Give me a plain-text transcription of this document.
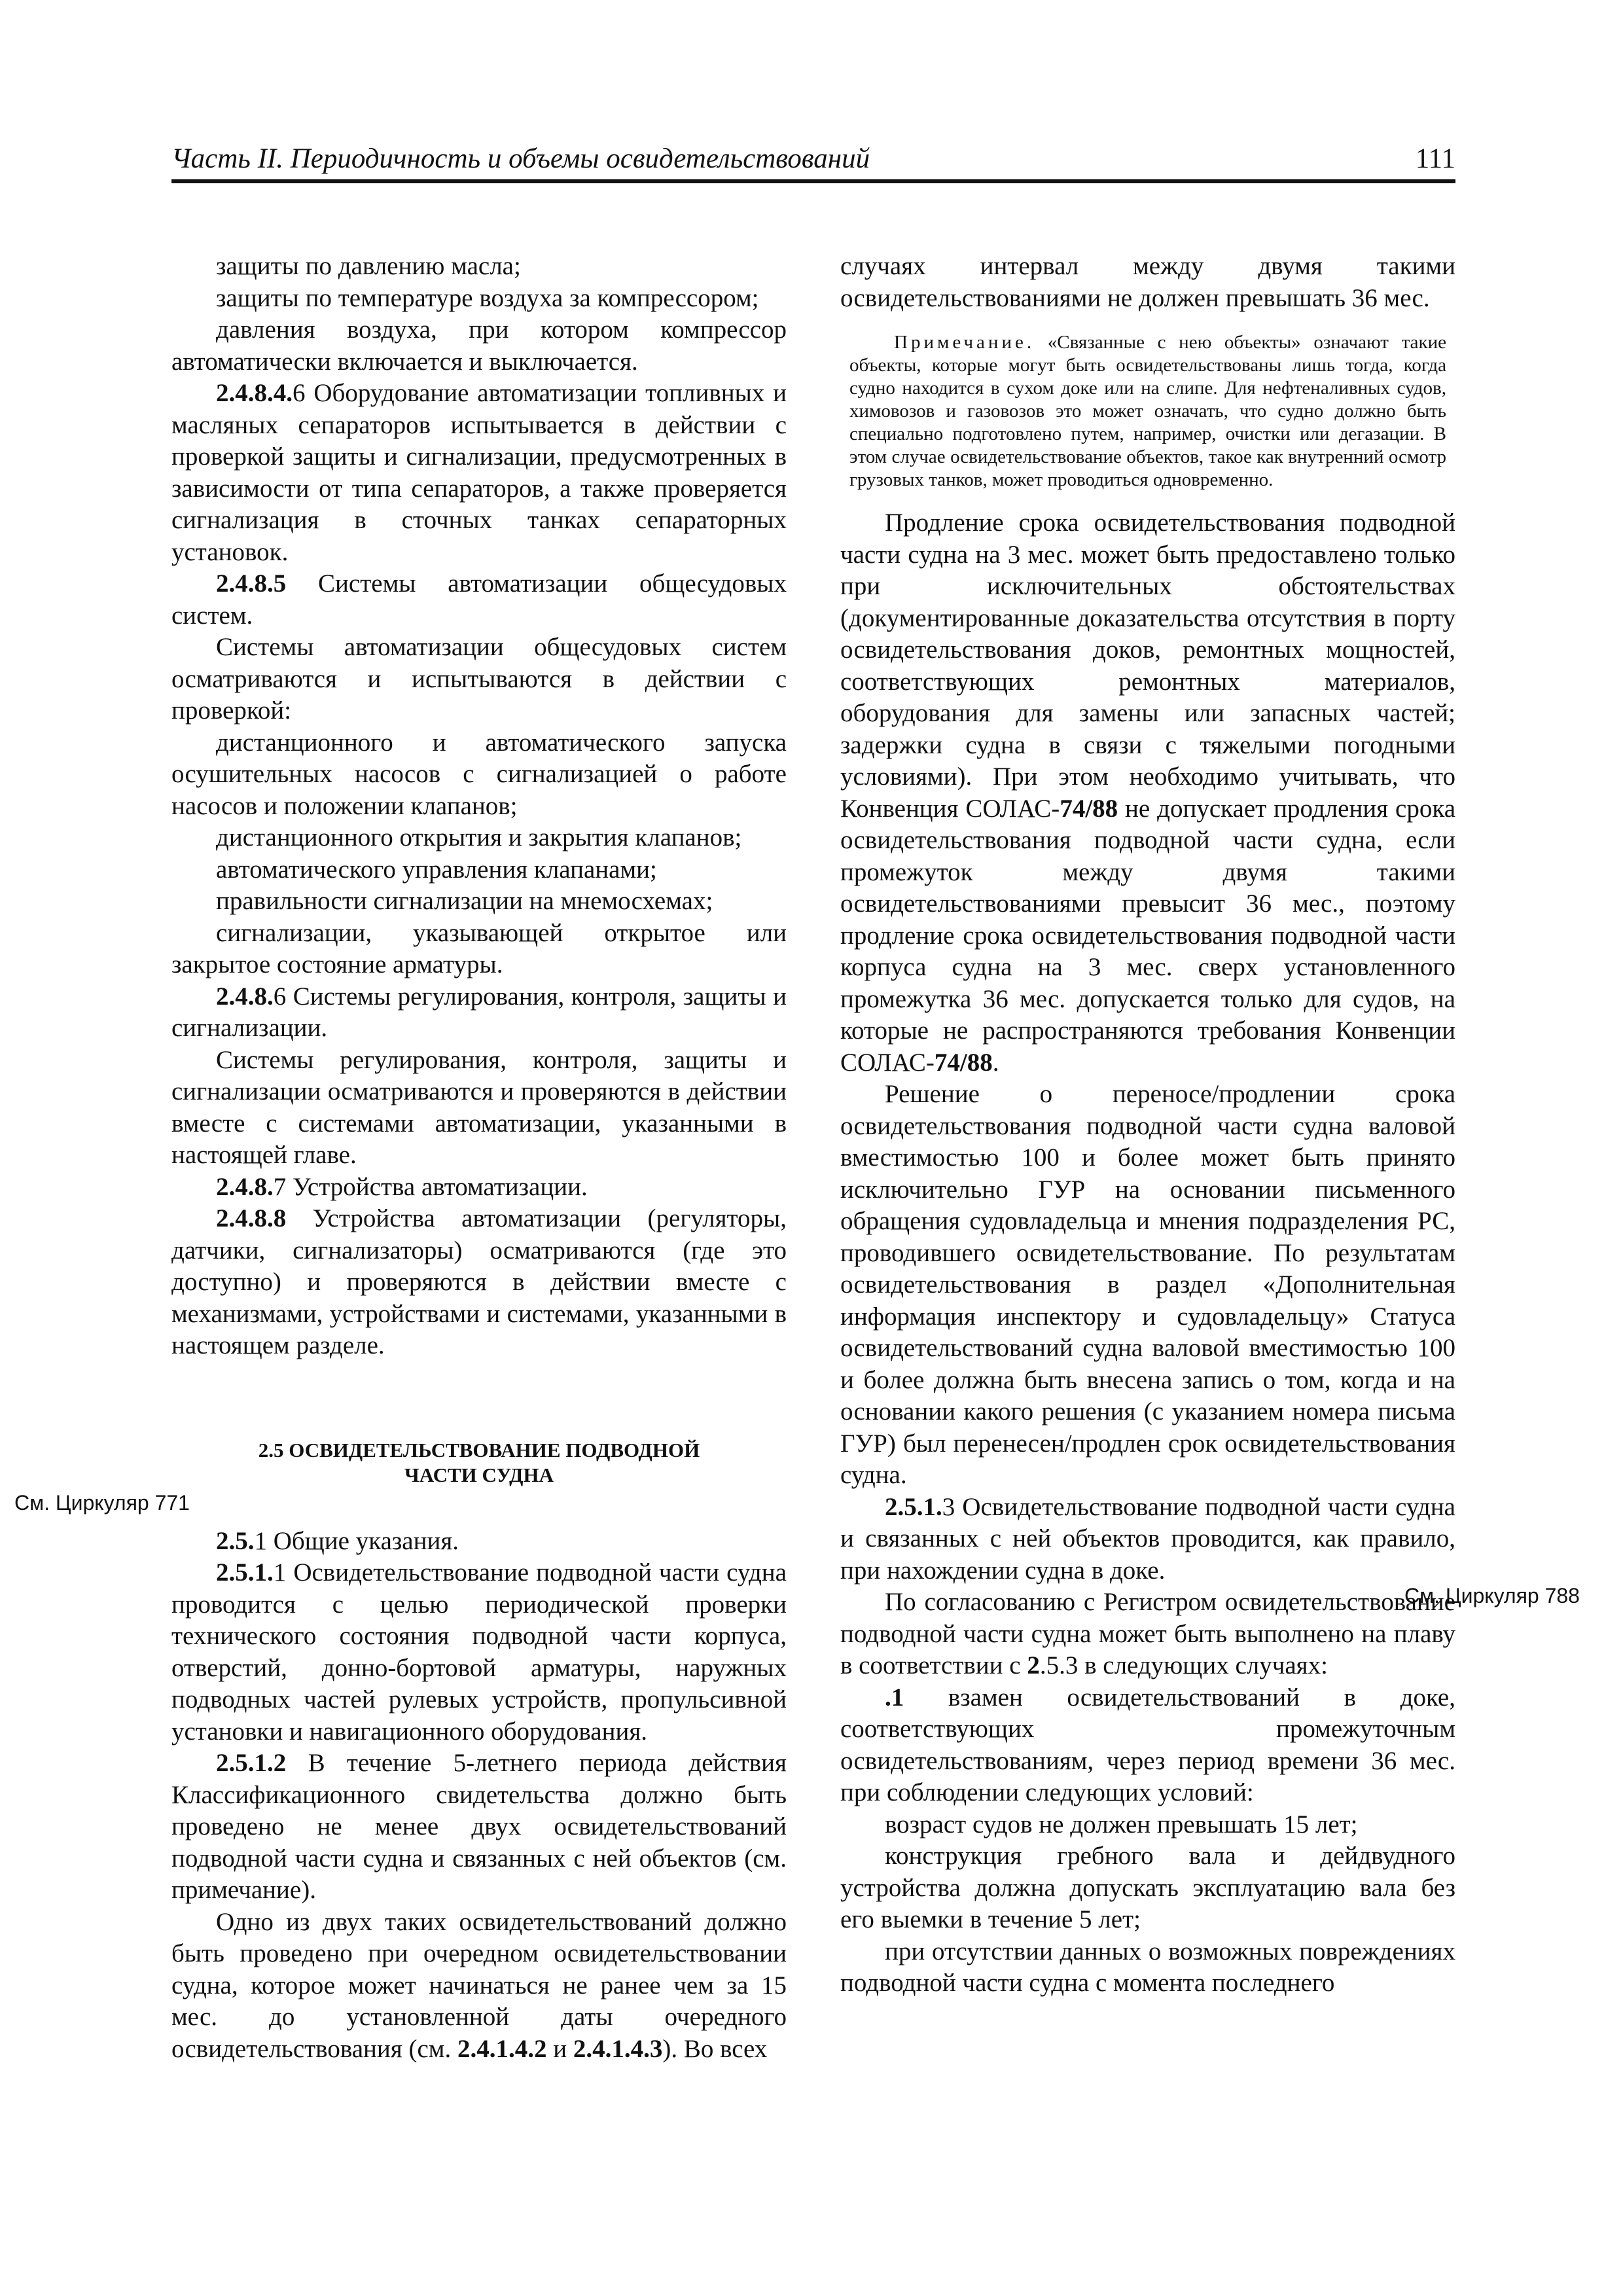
Часть II. Периодичность и объемы освидетельствований	111
См. Циркуляр 771
См. Циркуляр 788

защиты по давлению масла;

защиты по температуре воздуха за компрессором;

давления воздуха, при котором компрессор автоматически включается и выключается.

2.4.8.4.6 Оборудование автоматизации топливных и масляных сепараторов испытывается в действии с проверкой защиты и сигнализации, предусмотренных в зависимости от типа сепараторов, а также проверяется сигнализация в сточных танках сепараторных установок.

2.4.8.5 Системы автоматизации общесудовых систем.

Системы автоматизации общесудовых систем осматриваются и испытываются в действии с проверкой:

дистанционного и автоматического запуска осушительных насосов с сигнализацией о работе насосов и положении клапанов;

дистанционного открытия и закрытия клапанов;

автоматического управления клапанами;

правильности сигнализации на мнемосхемах;

сигнализации, указывающей открытое или закрытое состояние арматуры.

2.4.8.6 Системы регулирования, контроля, защиты и сигнализации.

Системы регулирования, контроля, защиты и сигнализации осматриваются и проверяются в действии вместе с системами автоматизации, указанными в настоящей главе.

2.4.8.7 Устройства автоматизации.

2.4.8.8 Устройства автоматизации (регуляторы, датчики, сигнализаторы) осматриваются (где это доступно) и проверяются в действии вместе с механизмами, устройствами и системами, указанными в настоящем разделе.

2.5 ОСВИДЕТЕЛЬСТВОВАНИЕ ПОДВОДНОЙ
ЧАСТИ СУДНА

2.5.1 Общие указания.

2.5.1.1 Освидетельствование подводной части судна проводится с целью периодической проверки технического состояния подводной части корпуса, отверстий, донно-бортовой арматуры, наружных подводных частей рулевых устройств, пропульсивной установки и навигационного оборудования.

2.5.1.2 В течение 5-летнего периода действия Классификационного свидетельства должно быть проведено не менее двух освидетельствований подводной части судна и связанных с ней объектов (см. примечание).

Одно из двух таких освидетельствований должно быть проведено при очередном освидетельствовании судна, которое может начинаться не ранее чем за 15 мес. до установленной даты очередного освидетельствования (см. 2.4.1.4.2 и 2.4.1.4.3). Во всех

случаях интервал между двумя такими освидетельствованиями не должен превышать 36 мес.

Примечание. «Связанные с нею объекты» означают такие объекты, которые могут быть освидетельствованы лишь тогда, когда судно находится в сухом доке или на слипе. Для нефтеналивных судов, химовозов и газовозов это может означать, что судно должно быть специально подготовлено путем, например, очистки или дегазации. В этом случае освидетельствование объектов, такое как внутренний осмотр грузовых танков, может проводиться одновременно.

Продление срока освидетельствования подводной части судна на 3 мес. может быть предоставлено только при исключительных обстоятельствах (документированные доказательства отсутствия в порту освидетельствования доков, ремонтных мощностей, соответствующих ремонтных материалов, оборудования для замены или запасных частей; задержки судна в связи с тяжелыми погодными условиями). При этом необходимо учитывать, что Конвенция СОЛАС-74/88 не допускает продления срока освидетельствования подводной части судна, если промежуток между двумя такими освидетельствованиями превысит 36 мес., поэтому продление срока освидетельствования подводной части корпуса судна на 3 мес. сверх установленного промежутка 36 мес. допускается только для судов, на которые не распространяются требования Конвенции СОЛАС-74/88.

Решение о переносе/продлении срока освидетельствования подводной части судна валовой вместимостью 100 и более может быть принято исключительно ГУР на основании письменного обращения судовладельца и мнения подразделения РС, проводившего освидетельствование. По результатам освидетельствования в раздел «Дополнительная информация инспектору и судовладельцу» Статуса освидетельствований судна валовой вместимостью 100 и более должна быть внесена запись о том, когда и на основании какого решения (с указанием номера письма ГУР) был перенесен/продлен срок освидетельствования судна.

2.5.1.3 Освидетельствование подводной части судна и связанных с ней объектов проводится, как правило, при нахождении судна в доке.

По согласованию с Регистром освидетельствование подводной части судна может быть выполнено на плаву в соответствии с 2.5.3 в следующих случаях:

.1 взамен освидетельствований в доке, соответствующих промежуточным освидетельствованиям, через период времени 36 мес. при соблюдении следующих условий:

возраст судов не должен превышать 15 лет;

конструкция гребного вала и дейдвудного устройства должна допускать эксплуатацию вала без его выемки в течение 5 лет;

при отсутствии данных о возможных повреждениях подводной части судна с момента последнего
